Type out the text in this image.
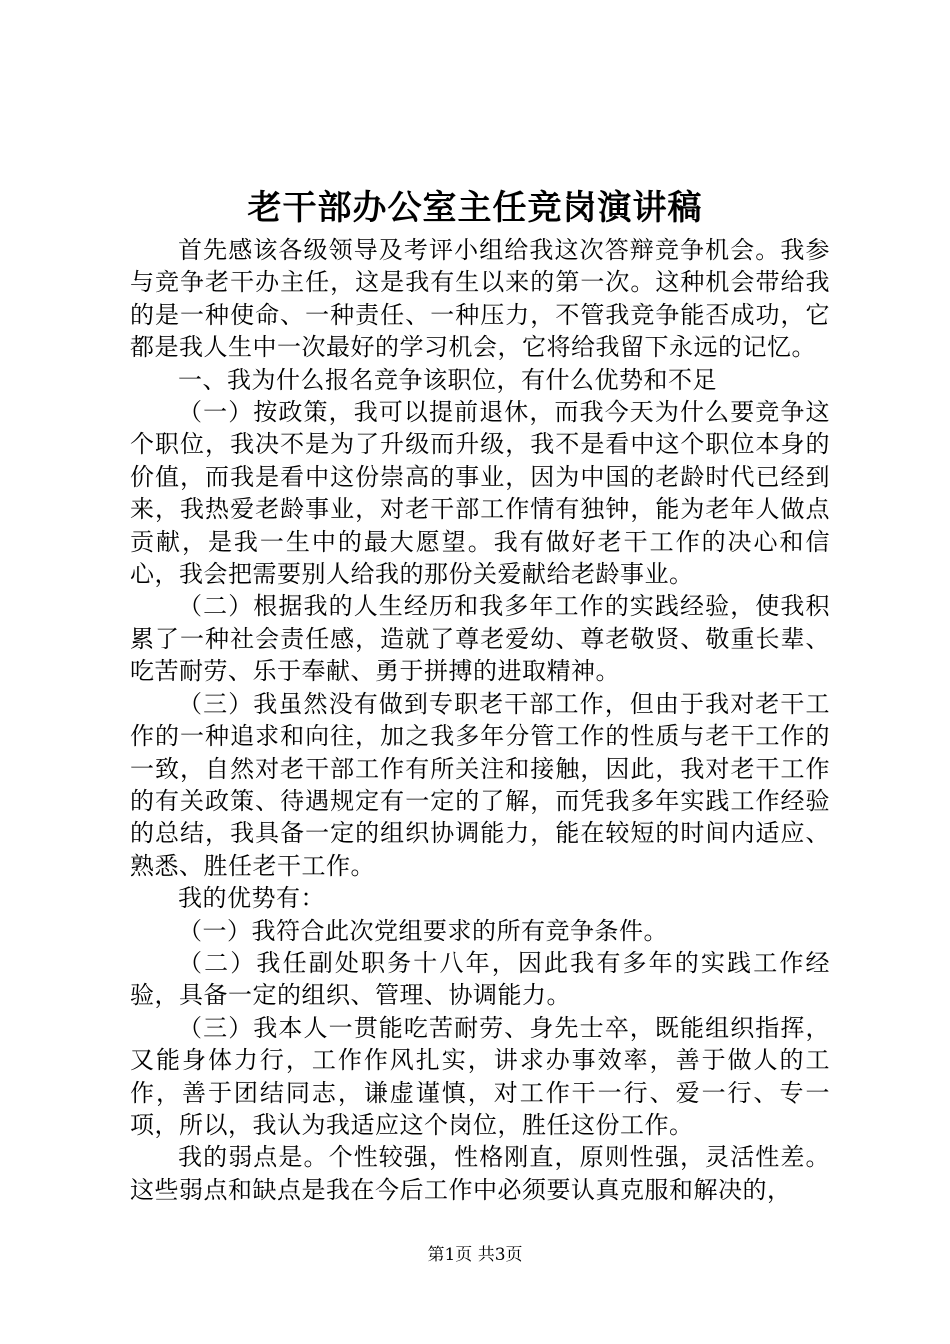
老干部办公室主任竞岗演讲稿

首先感该各级领导及考评小组给我这次答辩竞争机会。我参与竞争老干办主任，这是我有生以来的第一次。这种机会带给我的是一种使命、一种责任、一种压力，不管我竞争能否成功，它都是我人生中一次最好的学习机会，它将给我留下永远的记忆。

一、我为什么报名竞争该职位，有什么优势和不足

（一）按政策，我可以提前退休，而我今天为什么要竞争这个职位，我决不是为了升级而升级，我不是看中这个职位本身的价值，而我是看中这份崇高的事业，因为中国的老龄时代已经到来，我热爱老龄事业，对老干部工作情有独钟，能为老年人做点贡献，是我一生中的最大愿望。我有做好老干工作的决心和信心，我会把需要别人给我的那份关爱献给老龄事业。

（二）根据我的人生经历和我多年工作的实践经验，使我积累了一种社会责任感，造就了尊老爱幼、尊老敬贤、敬重长辈、吃苦耐劳、乐于奉献、勇于拼搏的进取精神。

（三）我虽然没有做到专职老干部工作，但由于我对老干工作的一种追求和向往，加之我多年分管工作的性质与老干工作的一致，自然对老干部工作有所关注和接触，因此，我对老干工作的有关政策、待遇规定有一定的了解，而凭我多年实践工作经验的总结，我具备一定的组织协调能力，能在较短的时间内适应、熟悉、胜任老干工作。

我的优势有：

（一）我符合此次党组要求的所有竞争条件。

（二）我任副处职务十八年，因此我有多年的实践工作经验，具备一定的组织、管理、协调能力。

（三）我本人一贯能吃苦耐劳、身先士卒，既能组织指挥，又能身体力行，工作作风扎实，讲求办事效率，善于做人的工作，善于团结同志，谦虚谨慎，对工作干一行、爱一行、专一项，所以，我认为我适应这个岗位，胜任这份工作。

我的弱点是。个性较强，性格刚直，原则性强，灵活性差。这些弱点和缺点是我在今后工作中必须要认真克服和解决的，

第1页 共3页
